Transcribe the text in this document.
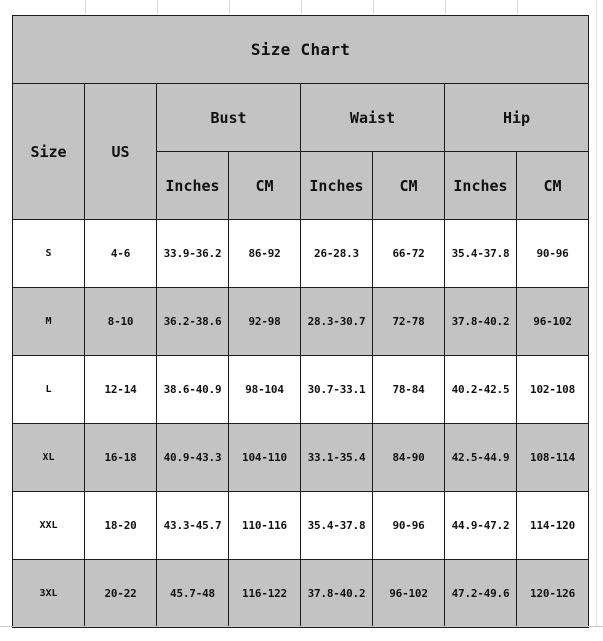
Size Chart							
Size	US	Bust		Waist		Hip	
		Inches	CM	Inches	CM	Inches	CM
S	4-6	33.9-36.2	86-92	26-28.3	66-72	35.4-37.8	90-96
M	8-10	36.2-38.6	92-98	28.3-30.7	72-78	37.8-40.2	96-102
L	12-14	38.6-40.9	98-104	30.7-33.1	78-84	40.2-42.5	102-108
XL	16-18	40.9-43.3	104-110	33.1-35.4	84-90	42.5-44.9	108-114
XXL	18-20	43.3-45.7	110-116	35.4-37.8	90-96	44.9-47.2	114-120
3XL	20-22	45.7-48	116-122	37.8-40.2	96-102	47.2-49.6	120-126
